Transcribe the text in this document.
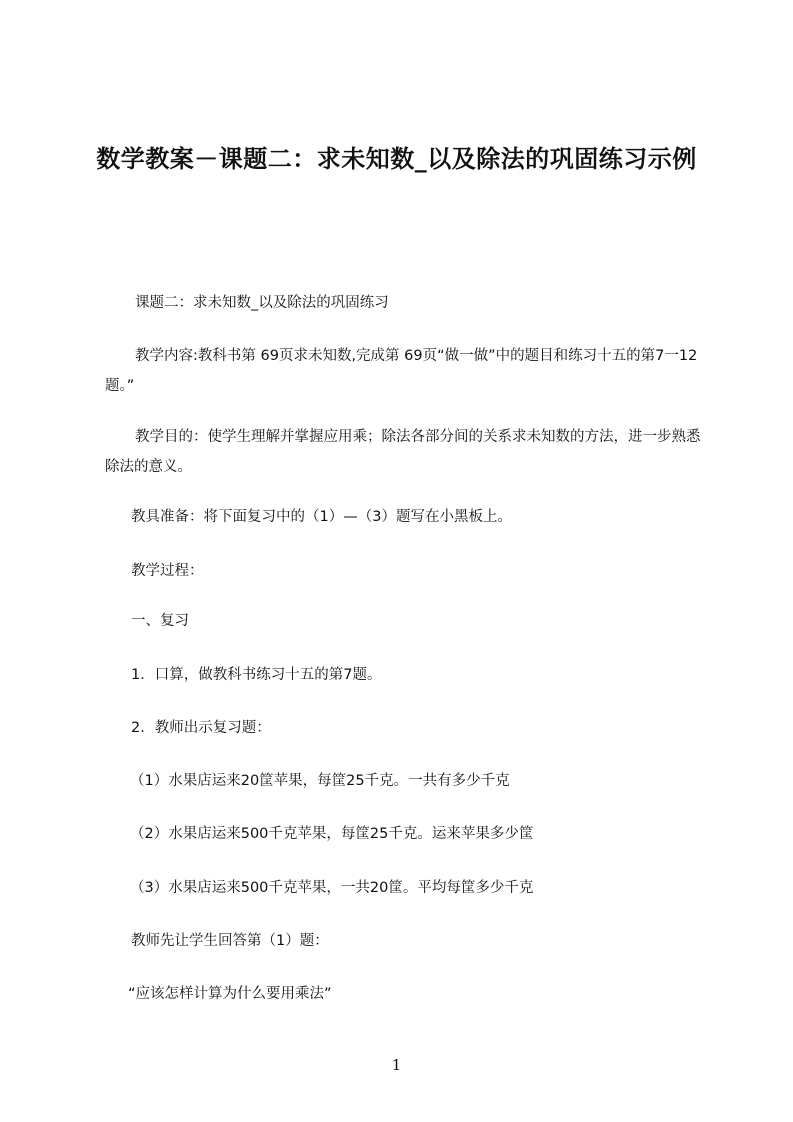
数学教案－课题二：求未知数_以及除法的巩固练习示例

课题二：求未知数_以及除法的巩固练习

教学内容:教科书第 69页求未知数,完成第 69页“做一做”中的题目和练习十五的第7一12题。”

教学目的：使学生理解并掌握应用乘；除法各部分间的关系求未知数的方法，进一步熟悉除法的意义。

教具准备：将下面复习中的（1）—（3）题写在小黑板上。

教学过程：

一、复习

1．口算，做教科书练习十五的第7题。

2．教师出示复习题：

（1）水果店运来20筐苹果，每筐25千克。一共有多少千克

（2）水果店运来500千克苹果，每筐25千克。运来苹果多少筐

（3）水果店运来500千克苹果，一共20筐。平均每筐多少千克

教师先让学生回答第（1）题：

“应该怎样计算为什么要用乘法”

1
